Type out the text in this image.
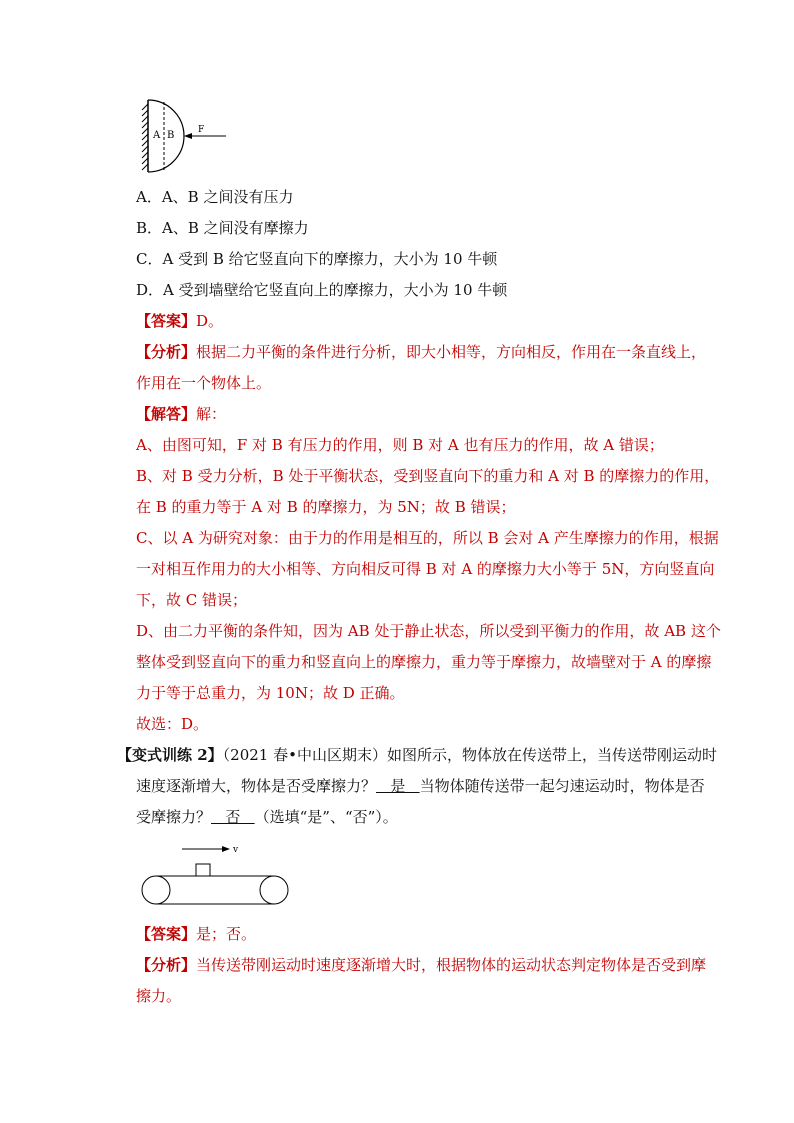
A B	F
A．A、B 之间没有压力
B．A、B 之间没有摩擦力
C．A 受到 B 给它竖直向下的摩擦力，大小为 10 牛顿
D．A 受到墙壁给它竖直向上的摩擦力，大小为 10 牛顿
【答案】D。
【分析】根据二力平衡的条件进行分析，即大小相等，方向相反，作用在一条直线上，
作用在一个物体上。
【解答】解：
A、由图可知，F 对 B 有压力的作用，则 B 对 A 也有压力的作用，故 A 错误；
B、对 B 受力分析，B 处于平衡状态，受到竖直向下的重力和 A 对 B 的摩擦力的作用，
在 B 的重力等于 A 对 B 的摩擦力，为 5N；故 B 错误；
C、以 A 为研究对象：由于力的作用是相互的，所以 B 会对 A 产生摩擦力的作用，根据
一对相互作用力的大小相等、方向相反可得 B 对 A 的摩擦力大小等于 5N，方向竖直向
下，故 C 错误；
D、由二力平衡的条件知，因为 AB 处于静止状态，所以受到平衡力的作用，故 AB 这个
整体受到竖直向下的重力和竖直向上的摩擦力，重力等于摩擦力，故墙壁对于 A 的摩擦
力于等于总重力，为 10N；故 D 正确。
故选：D。
【变式训练 2】（2021 春•中山区期末）如图所示，物体放在传送带上，当传送带刚运动时
速度逐渐增大，物体是否受摩擦力？   是   当物体随传送带一起匀速运动时，物体是否
受摩擦力？   否   （选填“是”、“否”）。
v
【答案】是；否。
【分析】当传送带刚运动时速度逐渐增大时，根据物体的运动状态判定物体是否受到摩
擦力。
